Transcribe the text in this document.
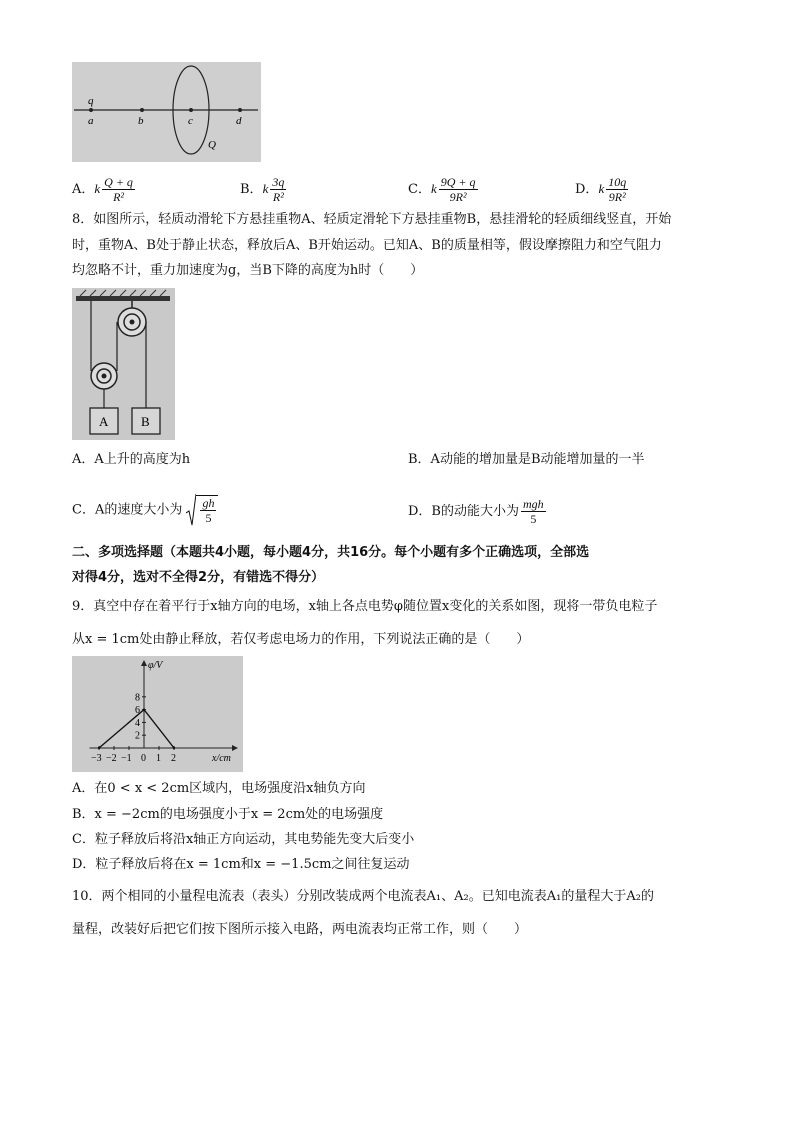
q
a	b	c	d
Q
A．k $\frac{Q + q}{\text{R²}}$	B．k $\frac{3q}{\text{R²}}$	C．k $\frac{9Q + q}{\text{9R²}}$	D．k $\frac{10q}{\text{9R²}}$
8．如图所示，轻质动滑轮下方悬挂重物A、轻质定滑轮下方悬挂重物B，悬挂滑轮的轻质细线竖直，开始
时，重物A、B处于静止状态，释放后A、B开始运动。已知A、B的质量相等，假设摩擦阻力和空气阻力
均忽略不计，重力加速度为g，当B下降的高度为h时（　　）
A	B
A．A上升的高度为h	B．A动能的增加量是B动能增加量的一半
C．A的速度大小为 $\frac{gh}{5}$	D．B的动能大小为 $\frac{\text{mgh}}{5}$
二、多项选择题（本题共4小题，每小题4分，共16分。每个小题有多个正确选项，全部选
对得4分，选对不全得2分，有错选不得分）
9．真空中存在着平行于x轴方向的电场，x轴上各点电势φ随位置x变化的关系如图，现将一带负电粒子
从x = 1cm处由静止释放，若仅考虑电场力的作用，下列说法正确的是（　　）
φ/V
x/cm
2
4
6
8
−3 −2 −1 0 1 2
A．在0 < x < 2cm区域内，电场强度沿x轴负方向
B．x = −2cm的电场强度小于x = 2cm处的电场强度
C．粒子释放后将沿x轴正方向运动，其电势能先变大后变小
D．粒子释放后将在x = 1cm和x = −1.5cm之间往复运动
10．两个相同的小量程电流表（表头）分别改装成两个电流表A₁、A₂。已知电流表A₁的量程大于A₂的
量程，改装好后把它们按下图所示接入电路，两电流表均正常工作，则（　　）
